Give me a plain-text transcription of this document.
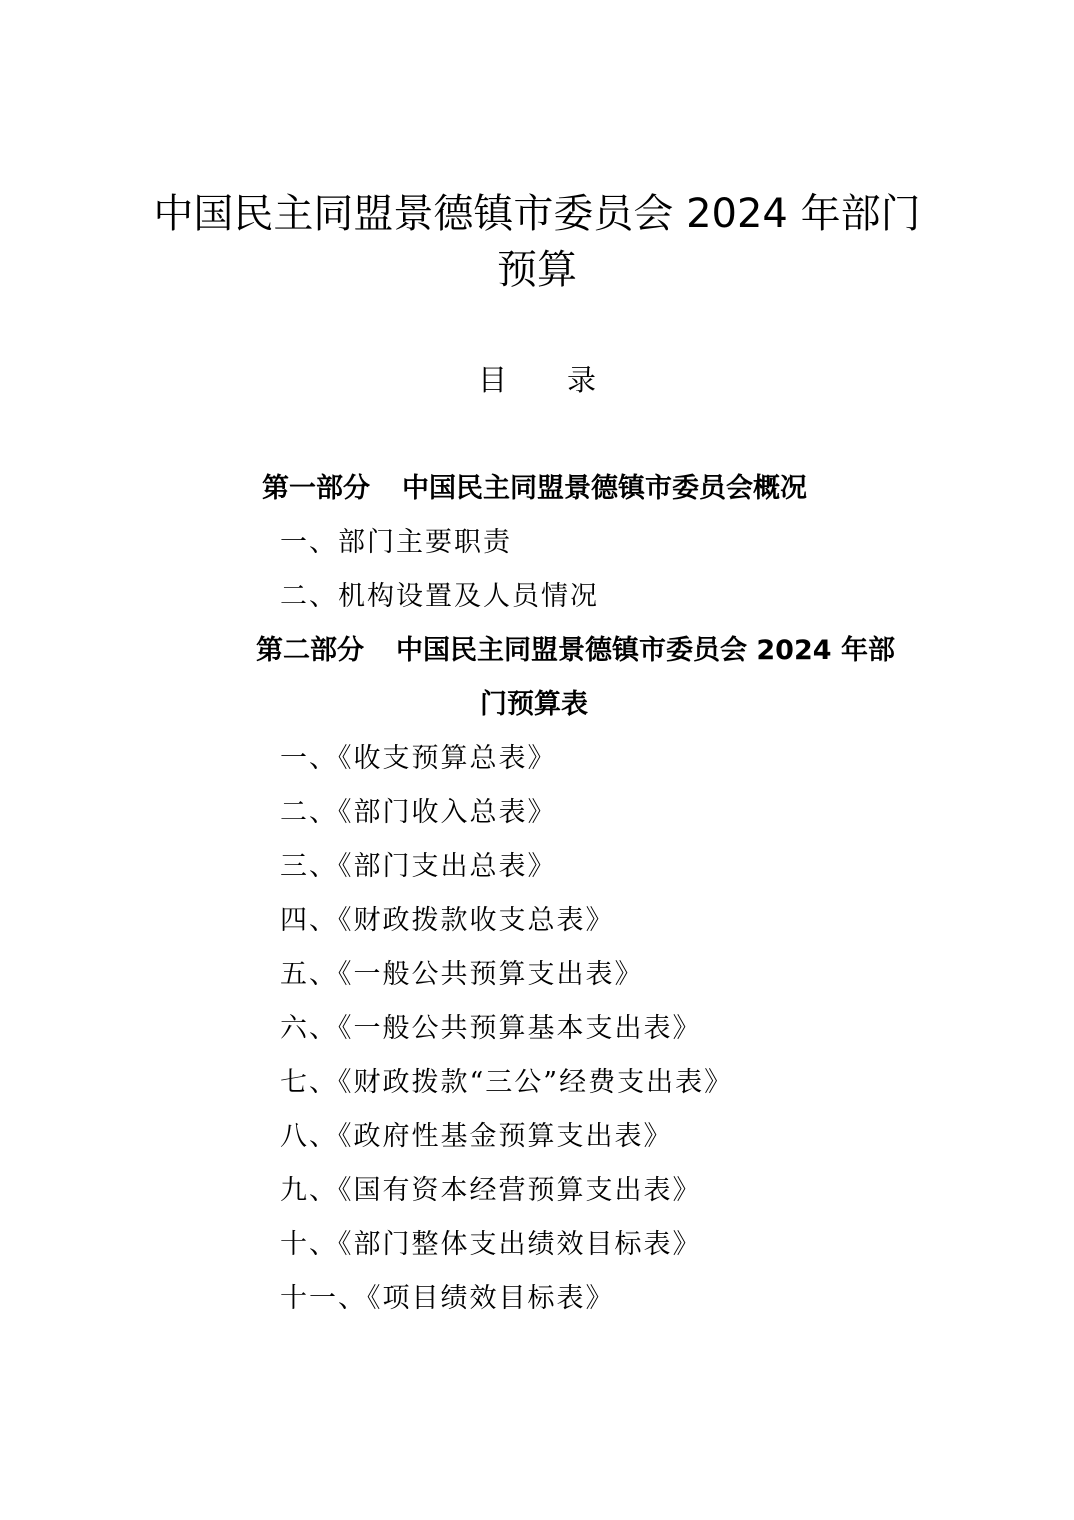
中国民主同盟景德镇市委员会 2024 年部门
预算
目 录
第一部分 中国民主同盟景德镇市委员会概况
一、部门主要职责
二、机构设置及人员情况
第二部分 中国民主同盟景德镇市委员会 2024 年部
门预算表
一、《收支预算总表》
二、《部门收入总表》
三、《部门支出总表》
四、《财政拨款收支总表》
五、《一般公共预算支出表》
六、《一般公共预算基本支出表》
七、《财政拨款“三公”经费支出表》
八、《政府性基金预算支出表》
九、《国有资本经营预算支出表》
十、《部门整体支出绩效目标表》
十一、《项目绩效目标表》
